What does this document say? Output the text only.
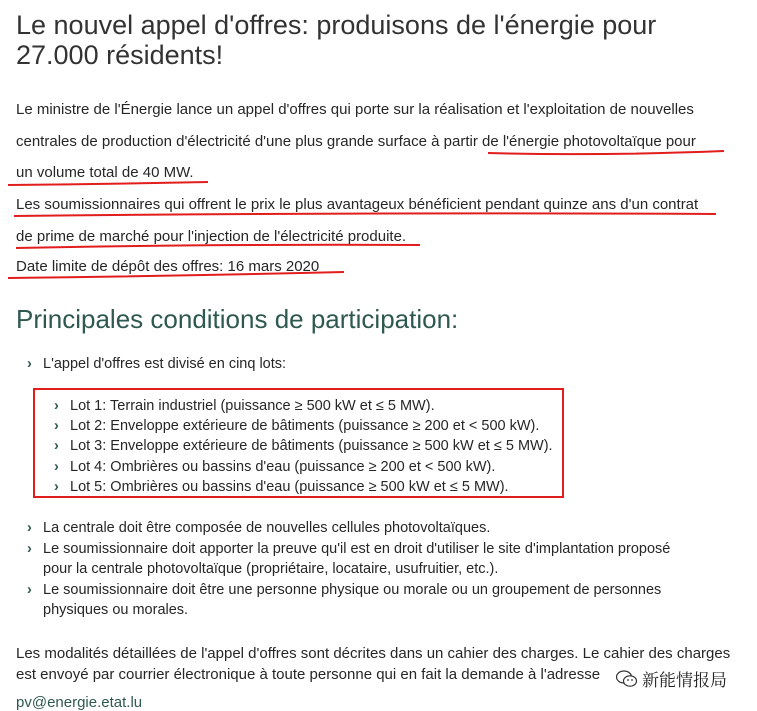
Le nouvel appel d'offres: produisons de l'énergie pour 27.000 résidents!

Le ministre de l'Énergie lance un appel d'offres qui porte sur la réalisation et l'exploitation de nouvelles

centrales de production d'électricité d'une plus grande surface à partir de l'énergie photovoltaïque pour

un volume total de 40 MW.

Les soumissionnaires qui offrent le prix le plus avantageux bénéficient pendant quinze ans d'un contrat

de prime de marché pour l'injection de l'électricité produite.

Date limite de dépôt des offres: 16 mars 2020

Principales conditions de participation:
› L'appel d'offres est divisé en cinq lots:
› Lot 1: Terrain industriel (puissance ≥ 500 kW et ≤ 5 MW).
› Lot 2: Enveloppe extérieure de bâtiments (puissance ≥ 200 et < 500 kW).
› Lot 3: Enveloppe extérieure de bâtiments (puissance ≥ 500 kW et ≤ 5 MW).
› Lot 4: Ombrières ou bassins d'eau (puissance ≥ 200 et < 500 kW).
› Lot 5: Ombrières ou bassins d'eau (puissance ≥ 500 kW et ≤ 5 MW).
› La centrale doit être composée de nouvelles cellules photovoltaïques.
› Le soumissionnaire doit apporter la preuve qu'il est en droit d'utiliser le site d'implantation proposé
pour la centrale photovoltaïque (propriétaire, locataire, usufruitier, etc.).
› Le soumissionnaire doit être une personne physique ou morale ou un groupement de personnes
physiques ou morales.

Les modalités détaillées de l'appel d'offres sont décrites dans un cahier des charges. Le cahier des charges

est envoyé par courrier électronique à toute personne qui en fait la demande à l'adresse

pv@energie.etat.lu
新能情报局
